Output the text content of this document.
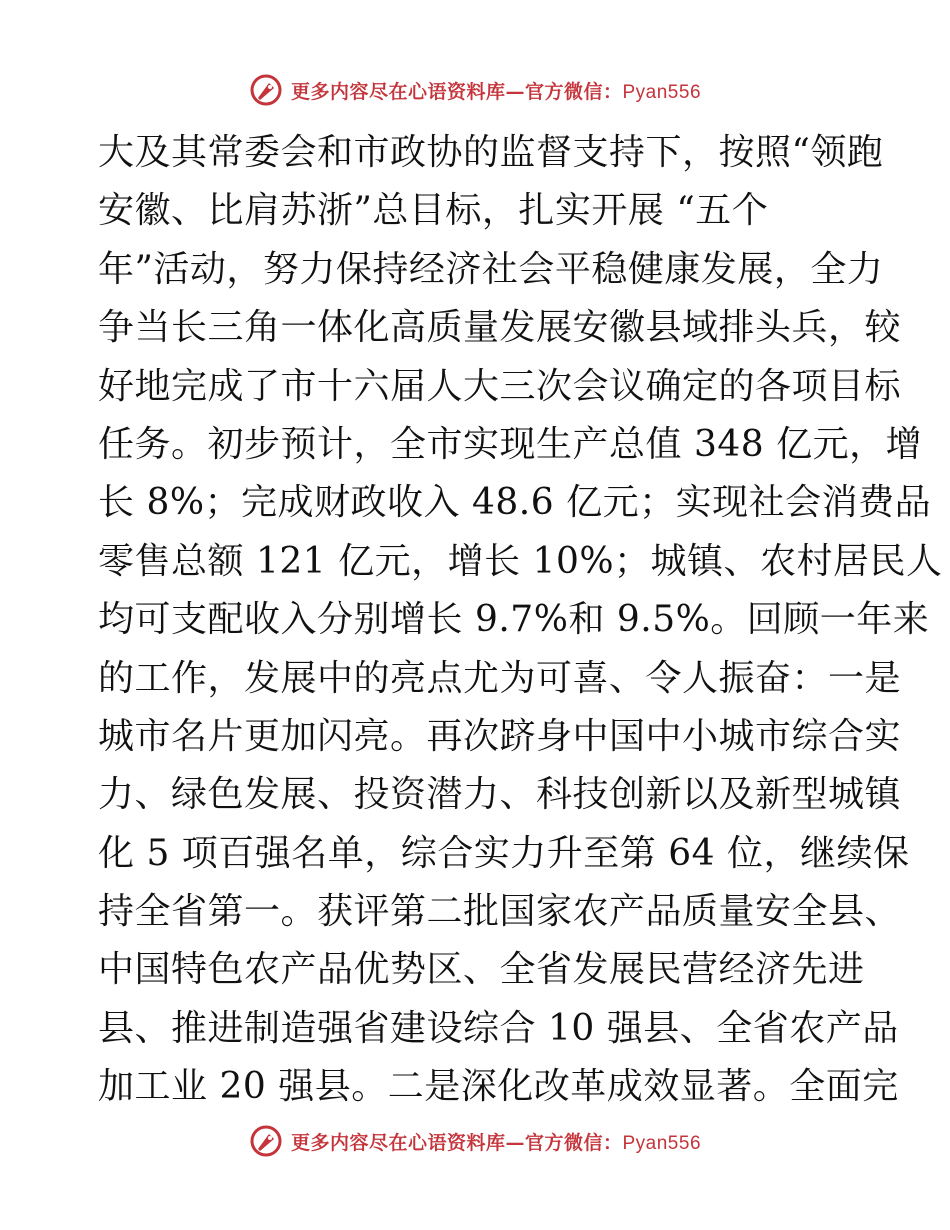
更多内容尽在心语资料库—官方微信：Pyan556
大及其常委会和市政协的监督支持下，按照“领跑
安徽、比肩苏浙”总目标，扎实开展 “五个
年”活动，努力保持经济社会平稳健康发展，全力
争当长三角一体化高质量发展安徽县域排头兵，较
好地完成了市十六届人大三次会议确定的各项目标
任务。初步预计，全市实现生产总值 348 亿元，增
长 8%；完成财政收入 48.6 亿元；实现社会消费品
零售总额 121 亿元，增长 10%；城镇、农村居民人
均可支配收入分别增长 9.7%和 9.5%。回顾一年来
的工作，发展中的亮点尤为可喜、令人振奋：一是
城市名片更加闪亮。再次跻身中国中小城市综合实
力、绿色发展、投资潜力、科技创新以及新型城镇
化 5 项百强名单，综合实力升至第 64 位，继续保
持全省第一。获评第二批国家农产品质量安全县、
中国特色农产品优势区、全省发展民营经济先进
县、推进制造强省建设综合 10 强县、全省农产品
加工业 20 强县。二是深化改革成效显著。全面完
更多内容尽在心语资料库—官方微信：Pyan556
